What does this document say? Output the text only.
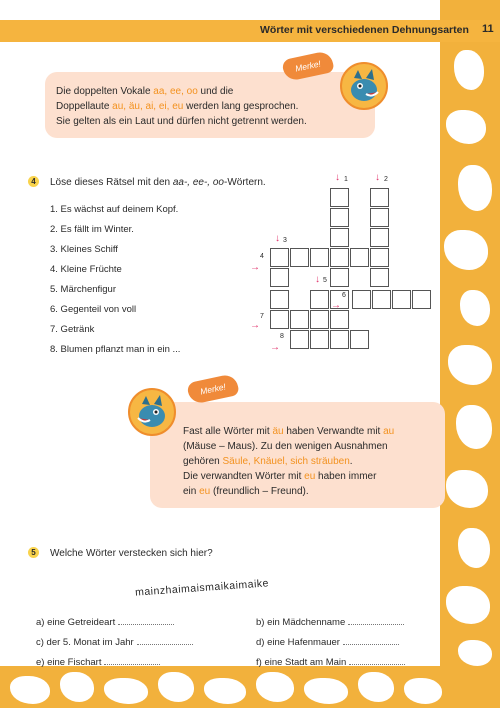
Wörter mit verschiedenen Dehnungsarten 11
Die doppelten Vokale aa, ee, oo und die
Doppellaute au, äu, ai, ei, eu werden lang gesprochen.
Sie gelten als ein Laut und dürfen nicht getrennt werden.
Merke!
4	Löse dieses Rätsel mit den aa-, ee-, oo-Wörtern.
1. Es wächst auf deinem Kopf.
2. Es fällt im Winter.
3. Kleines Schiff
4. Kleine Früchte
5. Märchenfigur
6. Gegenteil von voll
7. Getränk
8. Blumen pflanzt man in ein ...
↓ 1	↓ 2
↓ 3
4
→
↓ 5
6
→
7
→
8
→
Merke!
Fast alle Wörter mit äu haben Verwandte mit au
(Mäuse – Maus). Zu den wenigen Ausnahmen
gehören Säule, Knäuel, sich sträuben.
Die verwandten Wörter mit eu haben immer
ein eu (freundlich – Freund).
5	Welche Wörter verstecken sich hier?
mainzhaimaismaikaimaike
a) eine Getreideart	b) ein Mädchenname
c) der 5. Monat im Jahr	d) eine Hafenmauer
e) eine Fischart	f) eine Stadt am Main
